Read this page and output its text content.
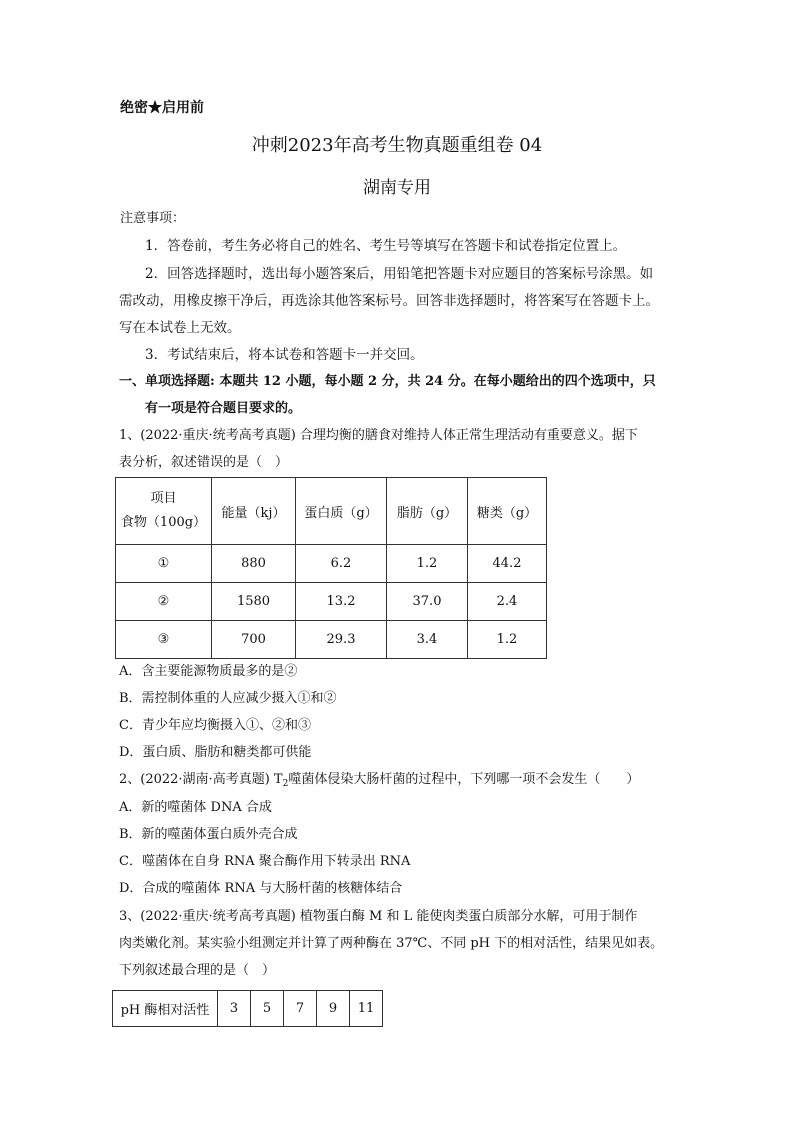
绝密★启用前
冲刺2023年高考生物真题重组卷 04
湖南专用
注意事项：
1．答卷前，考生务必将自己的姓名、考生号等填写在答题卡和试卷指定位置上。
2．回答选择题时，选出每小题答案后，用铅笔把答题卡对应题目的答案标号涂黑。如
需改动，用橡皮擦干净后，再选涂其他答案标号。回答非选择题时，将答案写在答题卡上。
写在本试卷上无效。
3．考试结束后，将本试卷和答题卡一并交回。
一、单项选择题: 本题共 12 小题，每小题 2 分，共 24 分。在每小题给出的四个选项中，只
有一项是符合题目要求的。
1、(2022·重庆·统考高考真题) 合理均衡的膳食对维持人体正常生理活动有重要意义。据下
表分析，叙述错误的是（　）
项目
食物（100g）	能量（kj）	蛋白质（g）	脂肪（g）	糖类（g）
①	880	6.2	1.2	44.2
②	1580	13.2	37.0	2.4
③	700	29.3	3.4	1.2
A．含主要能源物质最多的是②
B．需控制体重的人应减少摄入①和②
C．青少年应均衡摄入①、②和③
D．蛋白质、脂肪和糖类都可供能
2、(2022·湖南·高考真题) $T_2$噬菌体侵染大肠杆菌的过程中，下列哪一项不会发生（　　）
A．新的噬菌体 DNA 合成
B．新的噬菌体蛋白质外壳合成
C．噬菌体在自身 RNA 聚合酶作用下转录出 RNA
D．合成的噬菌体 RNA 与大肠杆菌的核糖体结合
3、(2022·重庆·统考高考真题) 植物蛋白酶 M 和 L 能使肉类蛋白质部分水解，可用于制作
肉类嫩化剂。某实验小组测定并计算了两种酶在 37℃、不同 pH 下的相对活性，结果见如表。
下列叙述最合理的是（　）
pH 酶相对活性	3	5	7	9	11
